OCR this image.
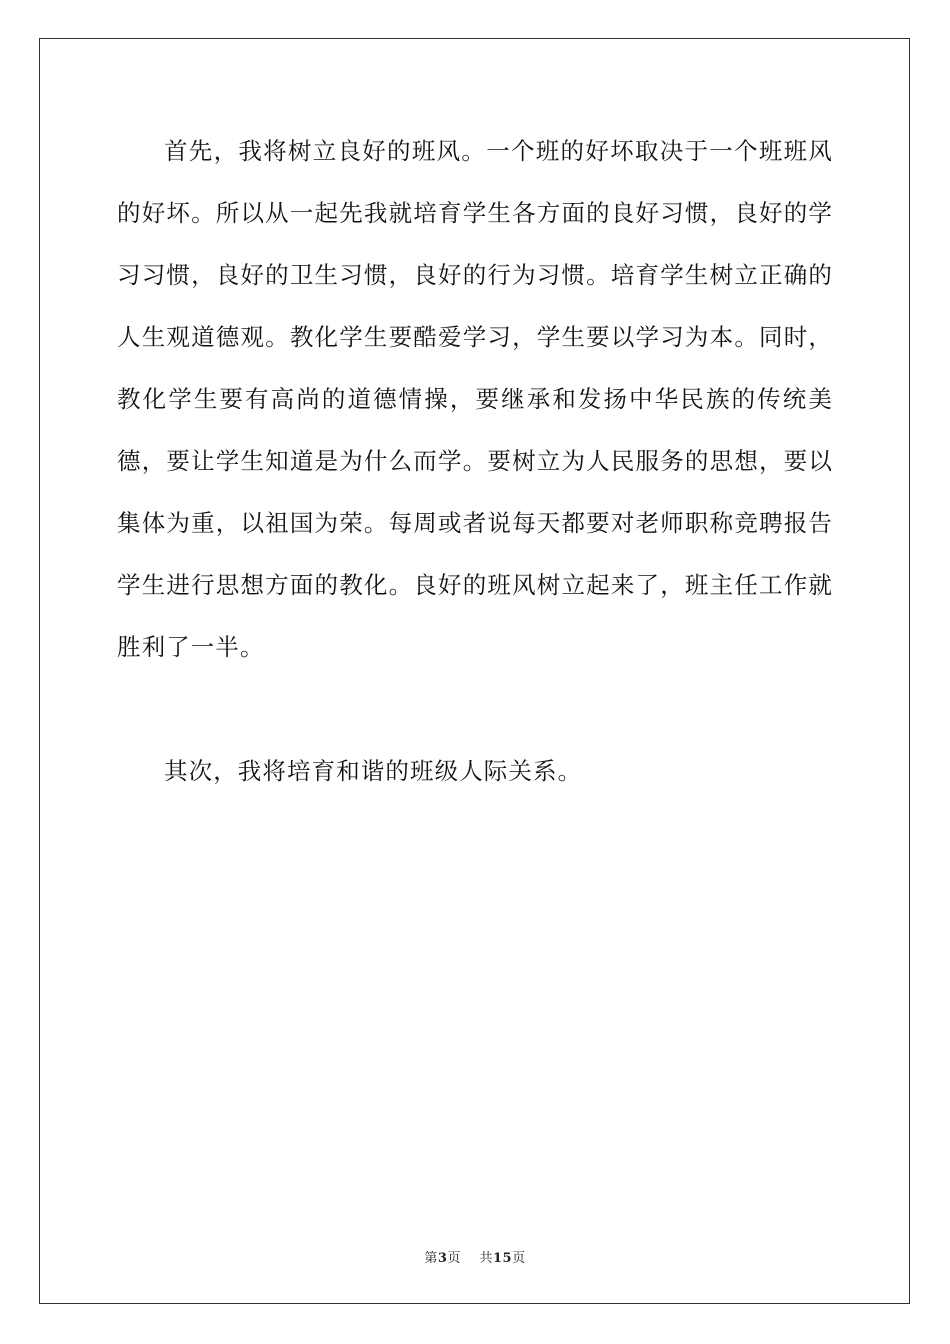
首先，我将树立良好的班风。一个班的好坏取决于一个班班风的好坏。所以从一起先我就培育学生各方面的良好习惯，良好的学习习惯，良好的卫生习惯，良好的行为习惯。培育学生树立正确的人生观道德观。教化学生要酷爱学习，学生要以学习为本。同时，教化学生要有高尚的道德情操，要继承和发扬中华民族的传统美德，要让学生知道是为什么而学。要树立为人民服务的思想，要以集体为重，以祖国为荣。每周或者说每天都要对老师职称竞聘报告学生进行思想方面的教化。良好的班风树立起来了，班主任工作就胜利了一半。

其次，我将培育和谐的班级人际关系。

第3页 共15页
